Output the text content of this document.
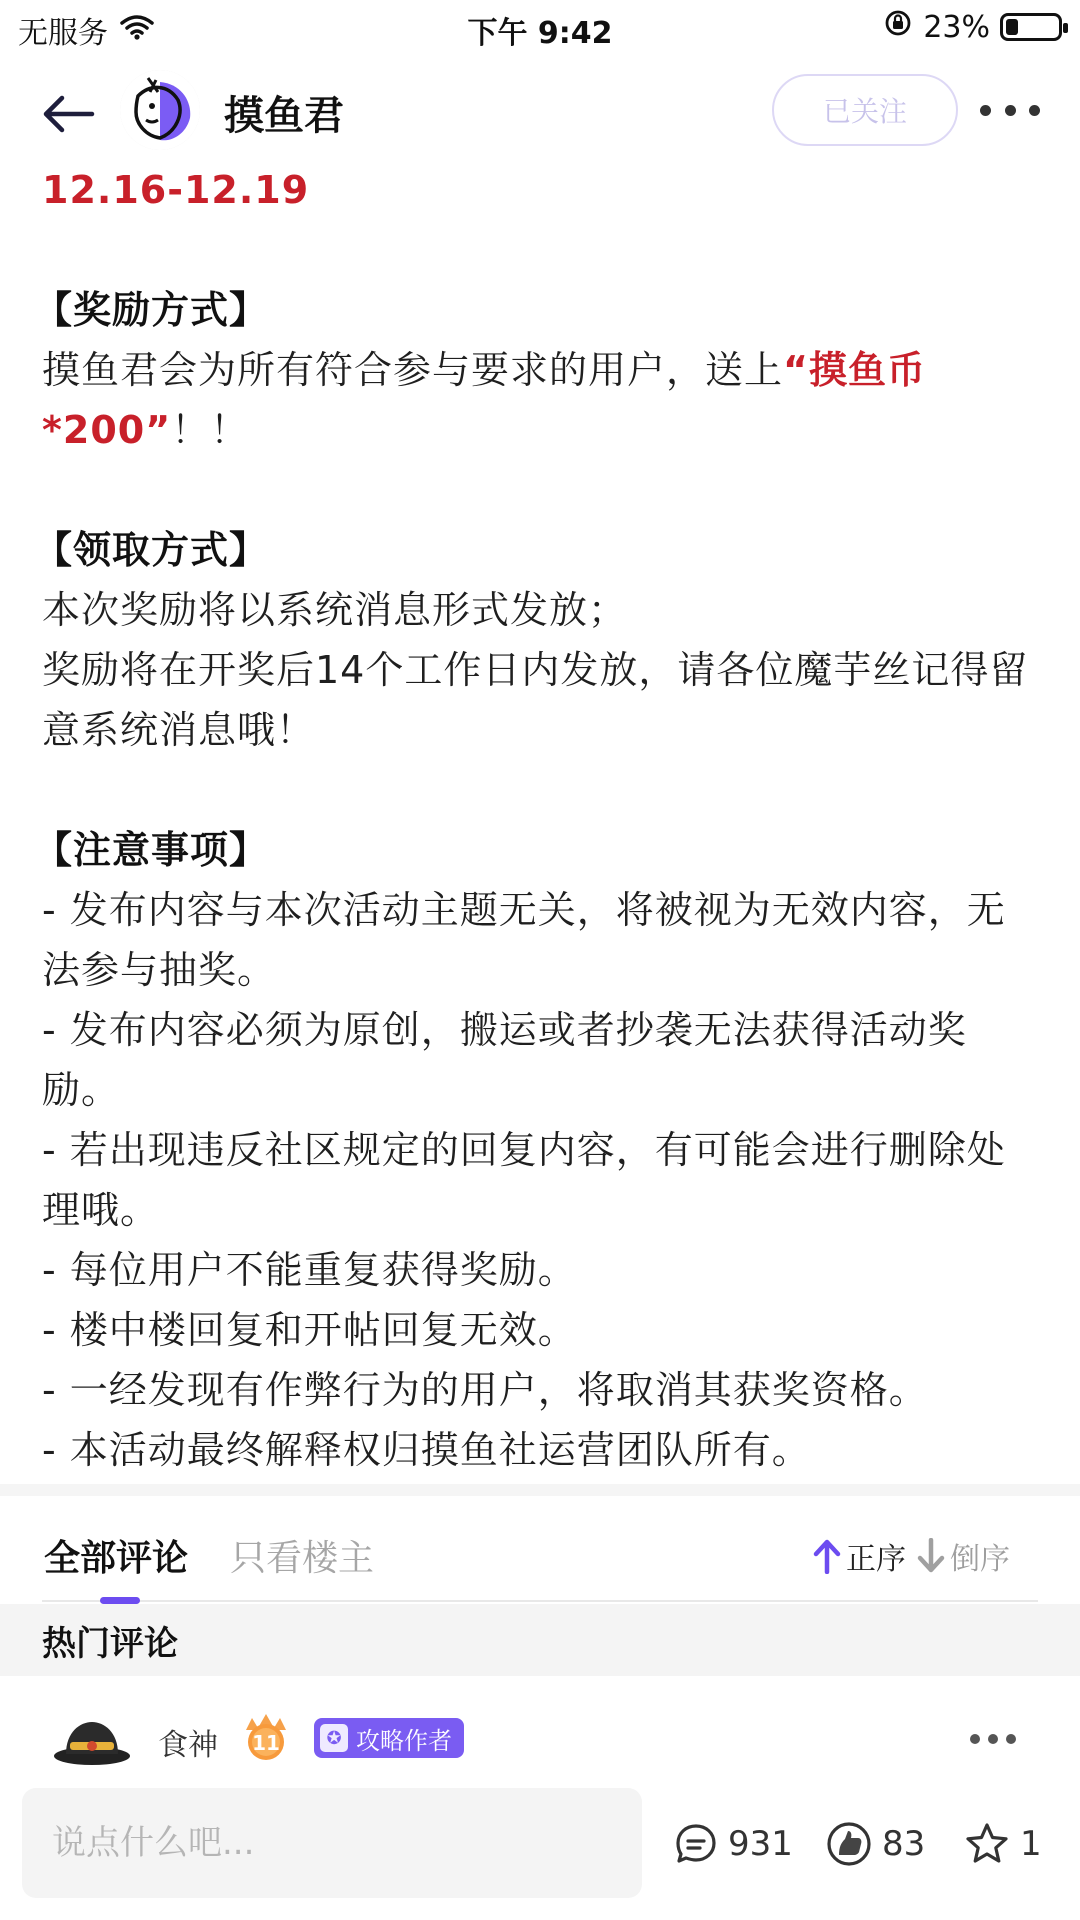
无服务	下午 9:42	23%
摸鱼君	已关注

12.16-12.19

【奖励方式】

摸鱼君会为所有符合参与要求的用户，送上“摸鱼币*200”！！

【领取方式】

本次奖励将以系统消息形式发放；

奖励将在开奖后14个工作日内发放，请各位魔芋丝记得留意系统消息哦！

【注意事项】

- 发布内容与本次活动主题无关，将被视为无效内容，无法参与抽奖。

- 发布内容必须为原创，搬运或者抄袭无法获得活动奖励。

- 若出现违反社区规定的回复内容，有可能会进行删除处理哦。

- 每位用户不能重复获得奖励。

- 楼中楼回复和开帖回复无效。

- 一经发现有作弊行为的用户，将取消其获奖资格。

- 本活动最终解释权归摸鱼社运营团队所有。

全部评论 只看楼主	正序 倒序
热门评论
食神 11	✪ 攻略作者
说点什么吧...
931	83	1
